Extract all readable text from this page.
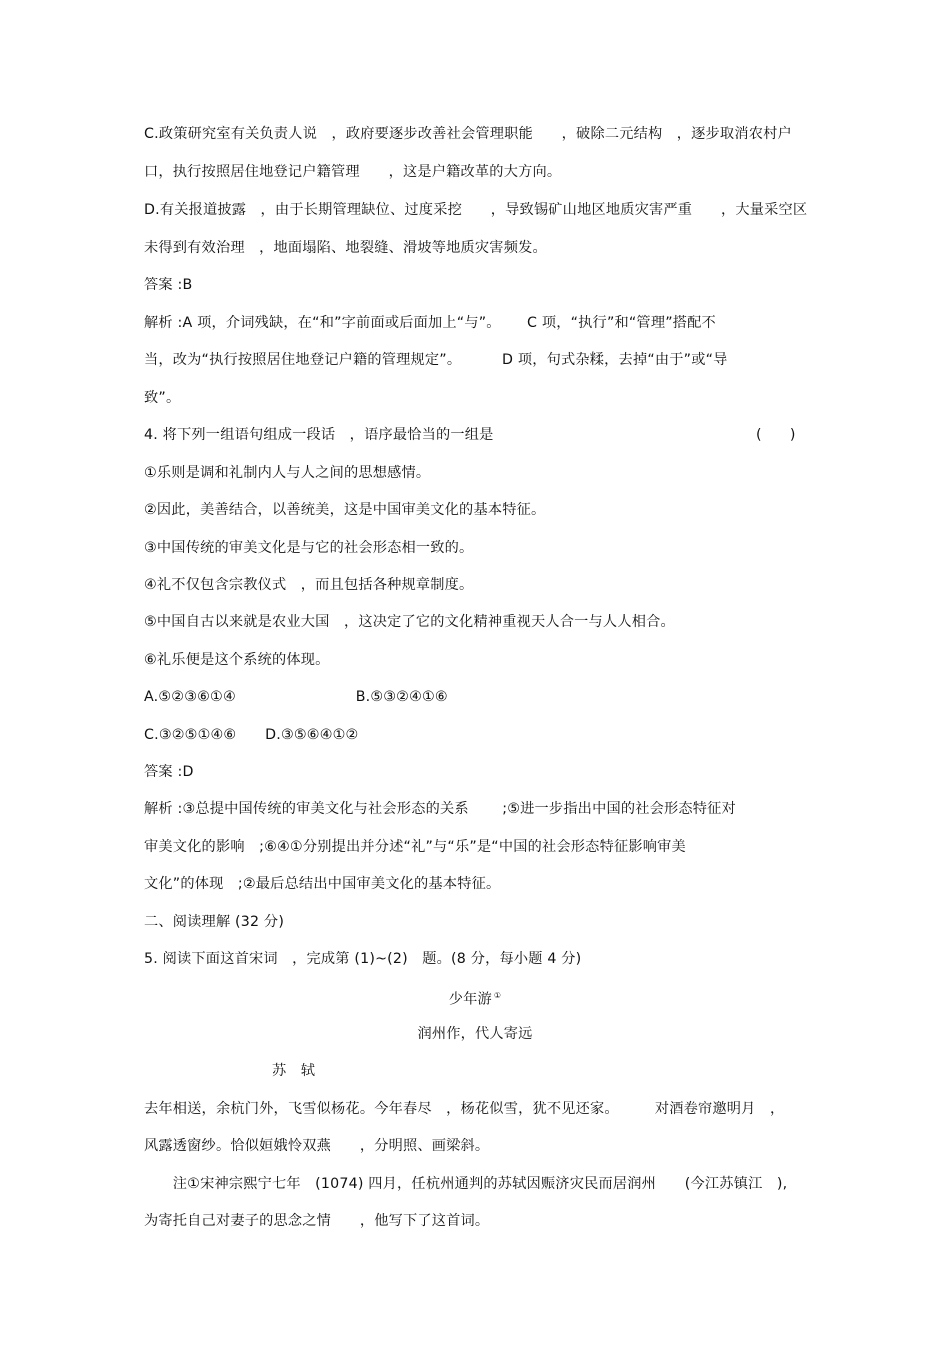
C.政策研究室有关负责人说　，政府要逐步改善社会管理职能　　，破除二元结构　，逐步取消农村户
口，执行按照居住地登记户籍管理　　，这是户籍改革的大方向。
D.有关报道披露　，由于长期管理缺位、过度采挖　　，导致锡矿山地区地质灾害严重　　，大量采空区
未得到有效治理　，地面塌陷、地裂缝、滑坡等地质灾害频发。
答案 :B
解析 :A 项，介词残缺，在“和”字前面或后面加上“与”。　　 C 项，“执行”和“管理”搭配不
当，改为“执行按照居住地登记户籍的管理规定”。　　　 D 项，句式杂糅，去掉“由于”或“导
致”。
4. 将下列一组语句组成一段话　，语序最恰当的一组是	(　　)
①乐则是调和礼制内人与人之间的思想感情。
②因此，美善结合，以善统美，这是中国审美文化的基本特征。
③中国传统的审美文化是与它的社会形态相一致的。
④礼不仅包含宗教仪式　，而且包括各种规章制度。
⑤中国自古以来就是农业大国　，这决定了它的文化精神重视天人合一与人人相合。
⑥礼乐便是这个系统的体现。
A.⑤②③⑥①④　　　　　　　　 B.⑤③②④①⑥
C.③②⑤①④⑥　　D.③⑤⑥④①②
答案 :D
解析 :③总提中国传统的审美文化与社会形态的关系　　 ;⑤进一步指出中国的社会形态特征对
审美文化的影响　;⑥④①分别提出并分述“礼”与“乐”是“中国的社会形态特征影响审美
文化”的体现　;②最后总结出中国审美文化的基本特征。
二、阅读理解 (32 分)
5. 阅读下面这首宋词　，完成第 (1)~(2)　题。(8 分，每小题 4 分)
少年游 ①
润州作，代人寄远
苏　轼
去年相送，余杭门外，飞雪似杨花。今年春尽　，杨花似雪，犹不见还家。　　　对酒卷帘邀明月　，
风露透窗纱。恰似姮娥怜双燕　　，分明照、画梁斜。
　　注①宋神宗熙宁七年　(1074) 四月，任杭州通判的苏轼因赈济灾民而居润州　　(今江苏镇江　),
为寄托自己对妻子的思念之情　　，他写下了这首词。
